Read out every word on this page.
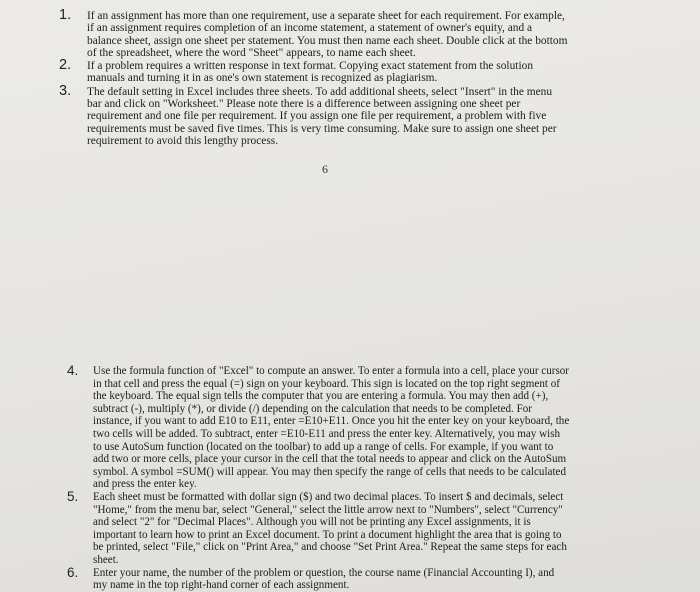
1. If an assignment has more than one requirement, use a separate sheet for each requirement. For example, if an assignment requires completion of an income statement, a statement of owner's equity, and a balance sheet, assign one sheet per statement. You must then name each sheet. Double click at the bottom of the spreadsheet, where the word "Sheet" appears, to name each sheet.
2. If a problem requires a written response in text format. Copying exact statement from the solution manuals and turning it in as one's own statement is recognized as plagiarism.
3. The default setting in Excel includes three sheets. To add additional sheets, select "Insert" in the menu bar and click on "Worksheet." Please note there is a difference between assigning one sheet per requirement and one file per requirement. If you assign one file per requirement, a problem with five requirements must be saved five times. This is very time consuming. Make sure to assign one sheet per requirement to avoid this lengthy process.
6
4. Use the formula function of "Excel" to compute an answer. To enter a formula into a cell, place your cursor in that cell and press the equal (=) sign on your keyboard. This sign is located on the top right segment of the keyboard. The equal sign tells the computer that you are entering a formula. You may then add (+), subtract (-), multiply (*), or divide (/) depending on the calculation that needs to be completed. For instance, if you want to add E10 to E11, enter =E10+E11. Once you hit the enter key on your keyboard, the two cells will be added. To subtract, enter =E10-E11 and press the enter key. Alternatively, you may wish to use AutoSum function (located on the toolbar) to add up a range of cells. For example, if you want to add two or more cells, place your cursor in the cell that the total needs to appear and click on the AutoSum symbol. A symbol =SUM() will appear. You may then specify the range of cells that needs to be calculated and press the enter key.
5. Each sheet must be formatted with dollar sign ($) and two decimal places. To insert $ and decimals, select "Home," from the menu bar, select "General," select the little arrow next to "Numbers", select "Currency" and select "2" for "Decimal Places". Although you will not be printing any Excel assignments, it is important to learn how to print an Excel document. To print a document highlight the area that is going to be printed, select "File," click on "Print Area," and choose "Set Print Area." Repeat the same steps for each sheet.
6. Enter your name, the number of the problem or question, the course name (Financial Accounting I), and my name in the top right-hand corner of each assignment.
